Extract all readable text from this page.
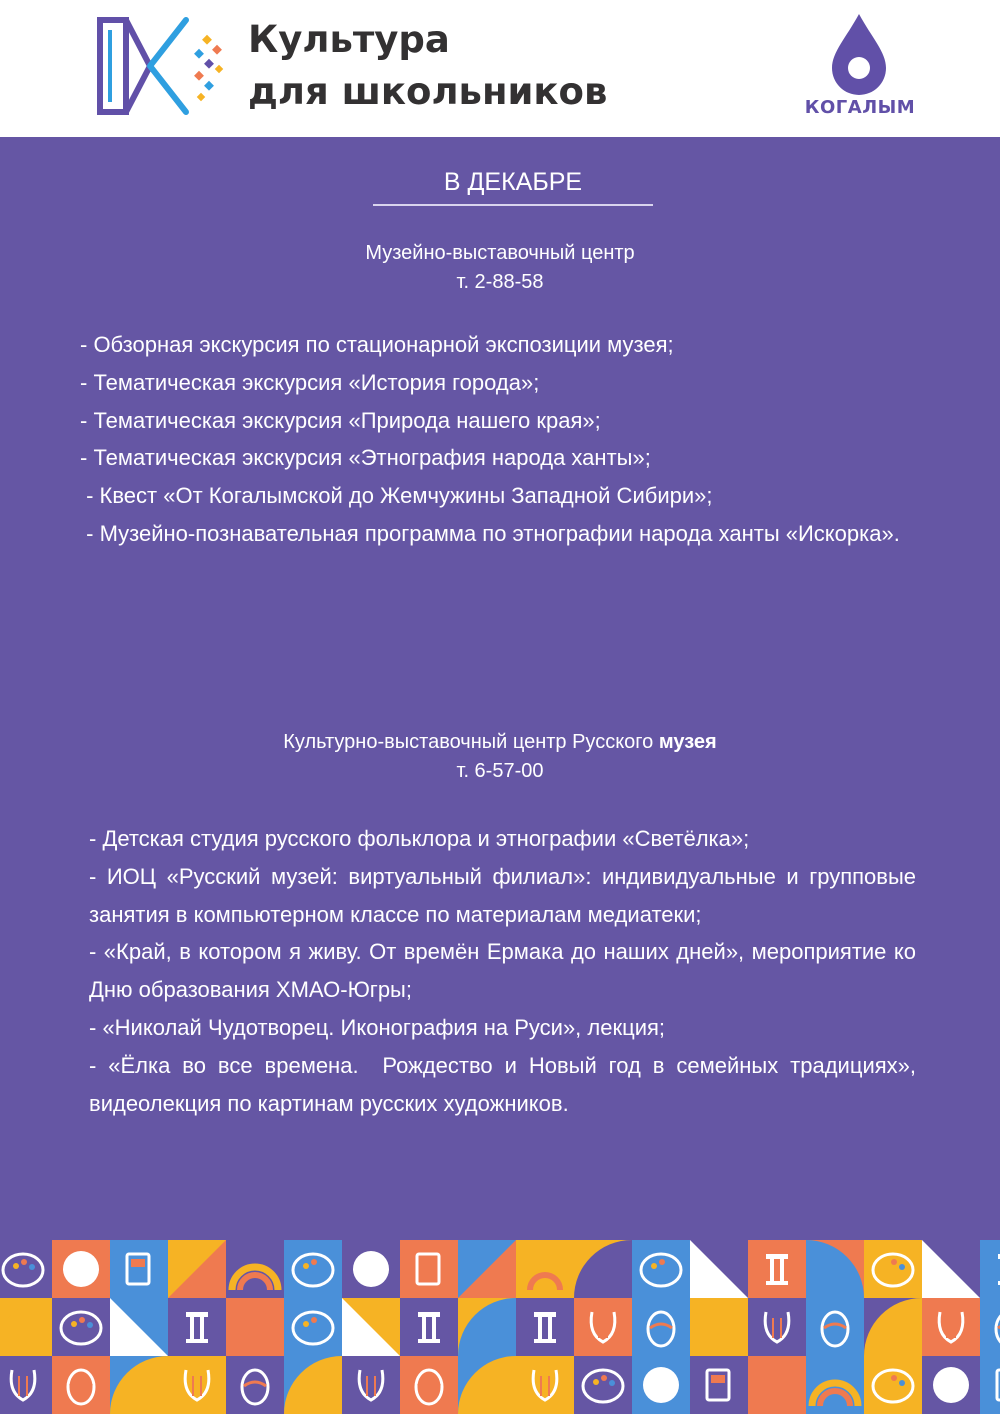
Культура
для школьников	КОГАЛЫМ
В ДЕКАБРЕ
Музейно-выставочный центр
т. 2-88-58
- Обзорная экскурсия по стационарной экспозиции музея;
- Тематическая экскурсия «История города»;
- Тематическая экскурсия «Природа нашего края»;
- Тематическая экскурсия «Этнография народа ханты»;
- Квест «От Когалымской до Жемчужины Западной Сибири»;
- Музейно-познавательная программа по этнографии народа ханты «Искорка».
Культурно-выставочный центр Русского музея
т. 6-57-00
- Детская студия русского фольклора и этнографии «Светёлка»;
- ИОЦ «Русский музей: виртуальный филиал»: индивидуальные и групповые занятия в компьютерном классе по материалам медиатеки;
- «Край, в котором я живу. От времён Ермака до наших дней», мероприятие ко Дню образования ХМАО-Югры;
- «Николай Чудотворец. Иконография на Руси», лекция;
- «Ёлка во все времена.  Рождество и Новый год в семейных традициях», видеолекция по картинам русских художников.
